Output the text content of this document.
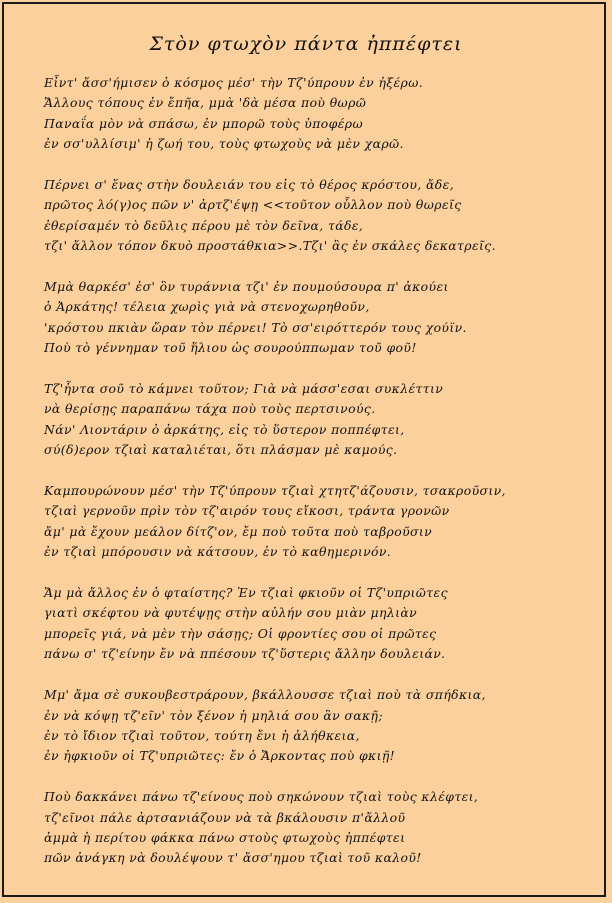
Στὸν φτωχὸν πάντα ἠππέφτει
Εἶντ' ἄσσ'ήμισεν ὁ κόσμος μέσ' τὴν Τζ'ύπρουν ἐν ἠξέρω.
Ἄλλους τόπους ἐν ἔπῆα, μμὰ 'δὰ μέσα ποὺ θωρῶ
Παναΐα μὸν νὰ σπάσω, ἐν μπορῶ τοὺς ὑποφέρω
ἐν σσ'υλλίσιμ' ἡ ζωή του, τοὺς φτωχοὺς νὰ μὲν χαρῶ.
Πέρνει σ' ἕνας στὴν δουλειάν του εἰς τὸ θέρος κρόστου, ἄδε,
πρῶτος λό(γ)ος πῶν ν' ἀρτζ'έψῃ <<τοῦτον οὗλλον ποὺ θωρεῖς
ἐθερίσαμέν τὸ δεῦλις πέρου μὲ τὸν δεῖνα, τάδε,
τζι' ἄλλον τόπον δκυὸ προστάθκια>>.Τζι' ἂς ἐν σκάλες δεκατρεῖς.
Μμὰ θαρκέσ' ἐσ' ὃν τυράννια τζι' ἐν πουμούσουρα π' ἀκούει
ὁ Ἀρκάτης! τέλεια χωρὶς γιὰ νὰ στενοχωρηθοῦν,
'κρόστου πκιὰν ὥραν τὸν πέρνει! Τὸ σσ'ειρόττερόν τους χούϊν.
Ποὺ τὸ γέννημαν τοῦ ἥλιου ὡς σουρούππωμαν τοῦ φοῦ!
Τζ'ἦντα σοῦ τὸ κάμνει τοῦτον; Γιὰ νὰ μάσσ'εσαι συκλέττιν
νὰ θερίσῃς παραπάνω τάχα ποὺ τοὺς περτσινούς.
Νάν' Λιοντάριν ὁ ἀρκάτης, εἰς τὸ ὕστερον ποππέφτει,
σύ(δ)ερον τζιαὶ καταλιέται, ὅτι πλάσμαν μὲ καμούς.
Καμπουρώνουν μέσ' τὴν Τζ'ύπρουν τζιαὶ χτητζ'άζουσιν, τσακροῦσιν,
τζιαὶ γερνοῦν πρὶν τὸν τζ'αιρόν τους εἴκοσι, τράντα γρονῶν
ἄμ' μὰ ἔχουν μεάλον δίτζ'ον, ἔμ ποὺ τοῦτα ποὺ ταβροῦσιν
ἐν τζιαὶ μπόρουσιν νὰ κάτσουν, ἐν τὸ καθημερινόν.
Ἄμ μὰ ἄλλος ἐν ὁ φταίστης? Ἐν τζιαὶ φκιοῦν οἱ Τζ'υπριῶτες
γιατὶ σκέφτου νὰ φυτέψῃς στὴν αὐλήν σου μιὰν μηλιὰν
μπορεῖς γιά, νὰ μὲν τὴν σάσῃς; Οἱ φροντίες σου οἱ πρῶτες
πάνω σ' τζ'είνην ἔν νὰ ππέσουν τζ'ὕστερις ἄλλην δουλειάν.
Μμ' ἄμα σὲ συκουβεστράρουν, βκάλλουσσε τζιαὶ ποὺ τὰ σπήδκια,
ἐν νὰ κόψῃ τζ'εῖν' τὸν ξένον ἡ μηλιά σου ἂν σακῇ;
ἐν τὸ ἴδιον τζιαὶ τοῦτον, τούτη ἔνι ἡ ἀλήθκεια,
ἐν ἠφκιοῦν οἱ Τζ'υπριῶτες: ἔν ὁ Ἄρκοντας ποὺ φκιῇ!
Ποὺ δακκάνει πάνω τζ'είνους ποὺ σηκώνουν τζιαὶ τοὺς κλέφτει,
τζ'εῖνοι πάλε ἀρτσανιάζουν νὰ τὰ βκάλουσιν π'ἄλλοῦ
ἀμμὰ ἡ περίτου φάκκα πάνω στοὺς φτωχοὺς ἠππέφτει
πῶν ἀνάγκη νὰ δουλέψουν τ' ἄσσ'ημου τζιαὶ τοῦ καλοῦ!
